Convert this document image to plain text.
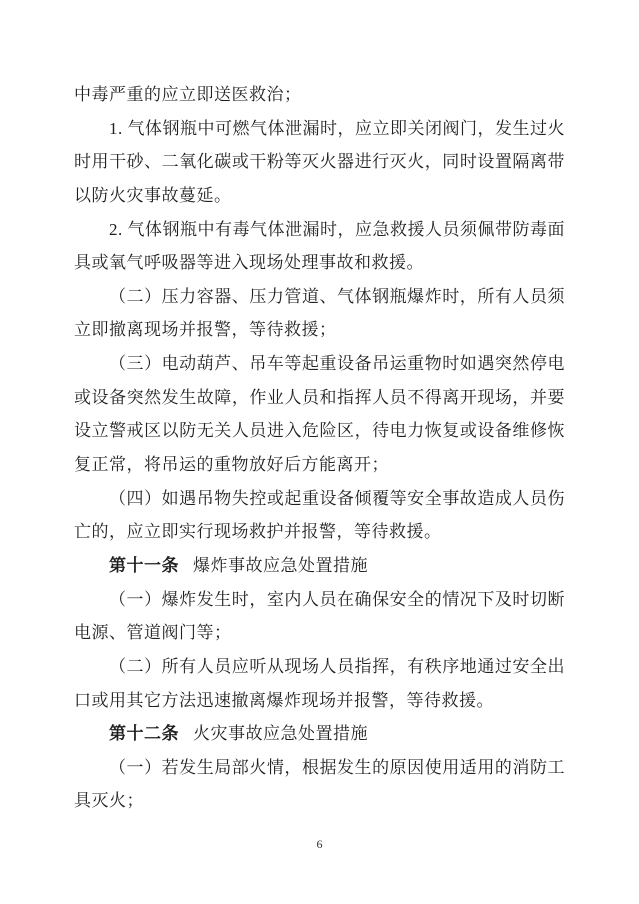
中毒严重的应立即送医救治；
1. 气体钢瓶中可燃气体泄漏时，应立即关闭阀门，发生过火
时用干砂、二氧化碳或干粉等灭火器进行灭火，同时设置隔离带
以防火灾事故蔓延。
2. 气体钢瓶中有毒气体泄漏时，应急救援人员须佩带防毒面
具或氧气呼吸器等进入现场处理事故和救援。
（二）压力容器、压力管道、气体钢瓶爆炸时，所有人员须
立即撤离现场并报警，等待救援；
（三）电动葫芦、吊车等起重设备吊运重物时如遇突然停电
或设备突然发生故障，作业人员和指挥人员不得离开现场，并要
设立警戒区以防无关人员进入危险区，待电力恢复或设备维修恢
复正常，将吊运的重物放好后方能离开；
（四）如遇吊物失控或起重设备倾覆等安全事故造成人员伤
亡的，应立即实行现场救护并报警，等待救援。
第十一条 爆炸事故应急处置措施
（一）爆炸发生时，室内人员在确保安全的情况下及时切断
电源、管道阀门等；
（二）所有人员应听从现场人员指挥，有秩序地通过安全出
口或用其它方法迅速撤离爆炸现场并报警，等待救援。
第十二条 火灾事故应急处置措施
（一）若发生局部火情，根据发生的原因使用适用的消防工
具灭火；
6
